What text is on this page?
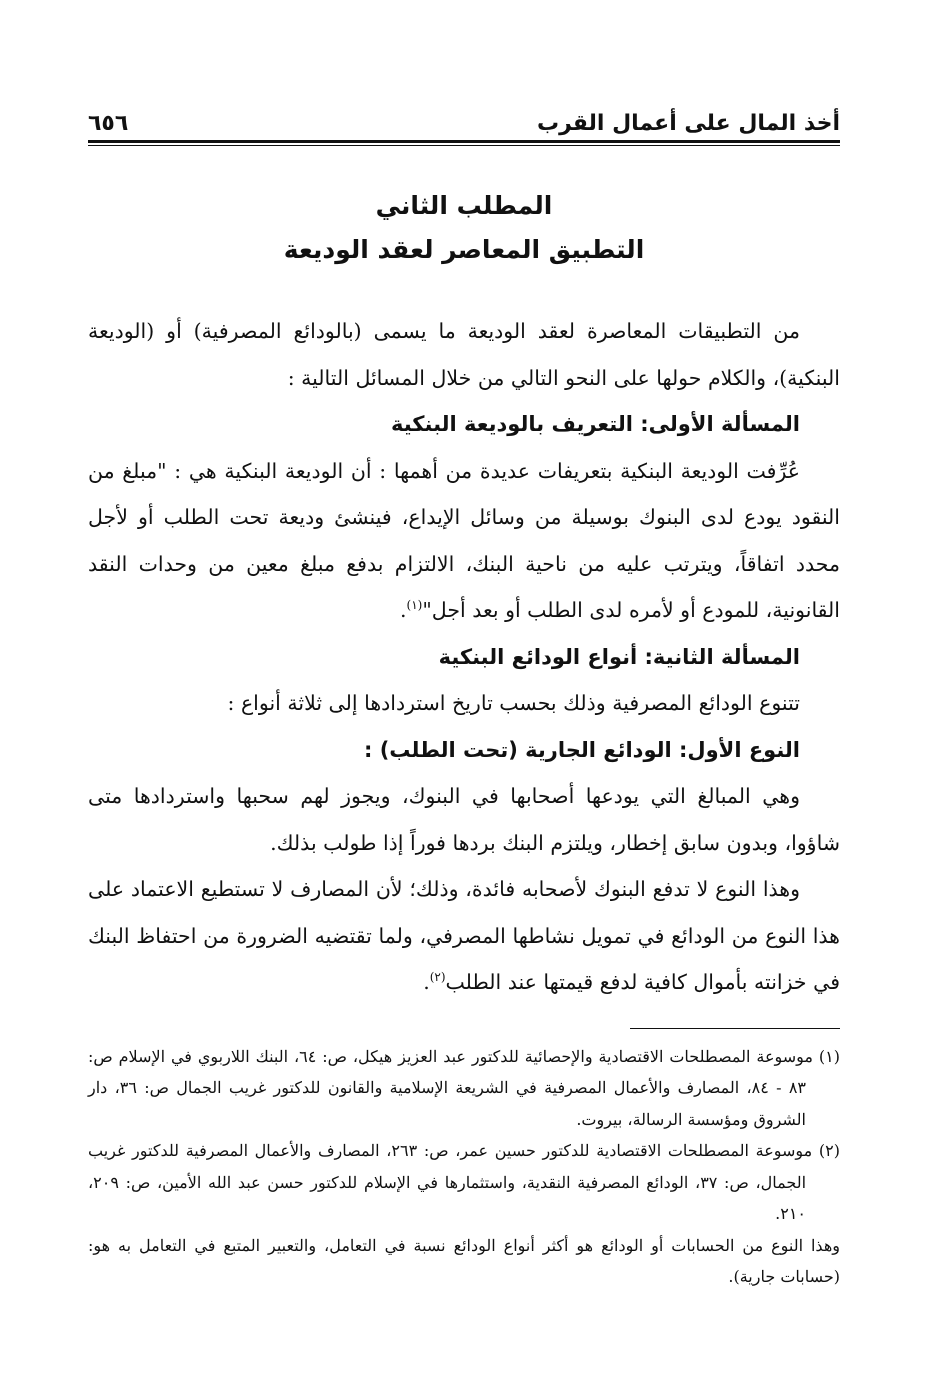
أخذ المال على أعمال القرب
٦٥٦
المطلب الثاني
التطبيق المعاصر لعقد الوديعة

من التطبيقات المعاصرة لعقد الوديعة ما يسمى (بالودائع المصرفية) أو (الوديعة البنكية)، والكلام حولها على النحو التالي من خلال المسائل التالية :

المسألة الأولى: التعريف بالوديعة البنكية

عُرِّفت الوديعة البنكية بتعريفات عديدة من أهمها : أن الوديعة البنكية هي : "مبلغ من النقود يودع لدى البنوك بوسيلة من وسائل الإيداع، فينشئ وديعة تحت الطلب أو لأجل محدد اتفاقاً، ويترتب عليه من ناحية البنك، الالتزام بدفع مبلغ معين من وحدات النقد القانونية، للمودع أو لأمره لدى الطلب أو بعد أجل"$^{(١)}$.

المسألة الثانية: أنواع الودائع البنكية

تتنوع الودائع المصرفية وذلك بحسب تاريخ استردادها إلى ثلاثة أنواع :

النوع الأول: الودائع الجارية (تحت الطلب) :

وهي المبالغ التي يودعها أصحابها في البنوك، ويجوز لهم سحبها واستردادها متى شاؤوا، وبدون سابق إخطار، ويلتزم البنك بردها فوراً إذا طولب بذلك.

وهذا النوع لا تدفع البنوك لأصحابه فائدة، وذلك؛ لأن المصارف لا تستطيع الاعتماد على هذا النوع من الودائع في تمويل نشاطها المصرفي، ولما تقتضيه الضرورة من احتفاظ البنك في خزانته بأموال كافية لدفع قيمتها عند الطلب$^{(٢)}$.

(١) موسوعة المصطلحات الاقتصادية والإحصائية للدكتور عبد العزيز هيكل، ص: ٦٤، البنك اللاربوي في الإسلام ص: ٨٣ - ٨٤، المصارف والأعمال المصرفية في الشريعة الإسلامية والقانون للدكتور غريب الجمال ص: ٣٦، دار الشروق ومؤسسة الرسالة، بيروت.

(٢) موسوعة المصطلحات الاقتصادية للدكتور حسين عمر، ص: ٢٦٣، المصارف والأعمال المصرفية للدكتور غريب الجمال، ص: ٣٧، الودائع المصرفية النقدية، واستثمارها في الإسلام للدكتور حسن عبد الله الأمين، ص: ٢٠٩، ٢١٠.

وهذا النوع من الحسابات أو الودائع هو أكثر أنواع الودائع نسبة في التعامل، والتعبير المتبع في التعامل به هو: (حسابات جارية).
